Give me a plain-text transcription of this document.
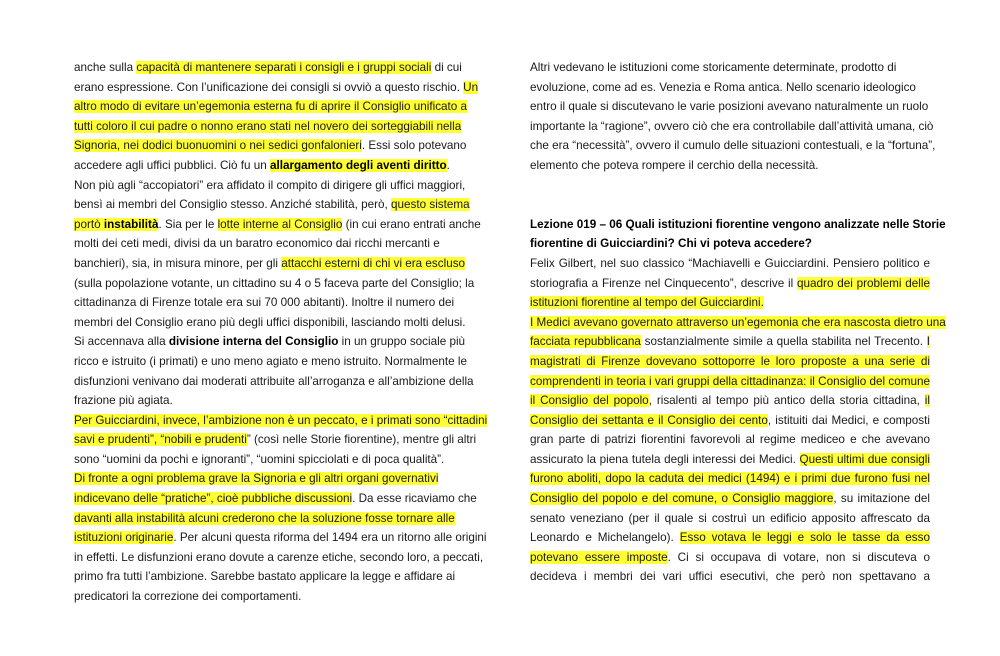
anche sulla capacità di mantenere separati i consigli e i gruppi sociali di cui
erano espressione. Con l’unificazione dei consigli si ovviò a questo rischio. Un
altro modo di evitare un’egemonia esterna fu di aprire il Consiglio unificato a
tutti coloro il cui padre o nonno erano stati nel novero dei sorteggiabili nella
Signoria, nei dodici buonuomini o nei sedici gonfalonieri. Essi solo potevano
accedere agli uffici pubblici. Ciò fu un allargamento degli aventi diritto.
Non più agli “accopiatori” era affidato il compito di dirigere gli uffici maggiori,
bensì ai membri del Consiglio stesso. Anziché stabilità, però, questo sistema
portò instabilità. Sia per le lotte interne al Consiglio (in cui erano entrati anche
molti dei ceti medi, divisi da un baratro economico dai ricchi mercanti e
banchieri), sia, in misura minore, per gli attacchi esterni di chi vi era escluso
(sulla popolazione votante, un cittadino su 4 o 5 faceva parte del Consiglio; la
cittadinanza di Firenze totale era sui 70 000 abitanti). Inoltre il numero dei
membri del Consiglio erano più degli uffici disponibili, lasciando molti delusi.
Si accennava alla divisione interna del Consiglio in un gruppo sociale più
ricco e istruito (i primati) e uno meno agiato e meno istruito. Normalmente le
disfunzioni venivano dai moderati attribuite all’arroganza e all’ambizione della
frazione più agiata.
Per Guicciardini, invece, l’ambizione non è un peccato, e i primati sono “cittadini
savi e prudenti”, “nobili e prudenti” (così nelle Storie fiorentine), mentre gli altri
sono “uomini da pochi e ignoranti”, “uomini spicciolati e di poca qualità”.
Di fronte a ogni problema grave la Signoria e gli altri organi governativi
indicevano delle “pratiche”, cioè pubbliche discussioni. Da esse ricaviamo che
davanti alla instabilità alcuni crederono che la soluzione fosse tornare alle
istituzioni originarie. Per alcuni questa riforma del 1494 era un ritorno alle origini
in effetti. Le disfunzioni erano dovute a carenze etiche, secondo loro, a peccati,
primo fra tutti l’ambizione. Sarebbe bastato applicare la legge e affidare ai
predicatori la correzione dei comportamenti.
Altri vedevano le istituzioni come storicamente determinate, prodotto di
evoluzione, come ad es. Venezia e Roma antica. Nello scenario ideologico
entro il quale si discutevano le varie posizioni avevano naturalmente un ruolo
importante la “ragione”, ovvero ciò che era controllabile dall’attività umana, ciò
che era “necessità”, ovvero il cumulo delle situazioni contestuali, e la “fortuna”,
elemento che poteva rompere il cerchio della necessità.
Lezione 019 – 06 Quali istituzioni fiorentine vengono analizzate nelle Storie
fiorentine di Guicciardini? Chi vi poteva accedere?
Felix Gilbert, nel suo classico “Machiavelli e Guicciardini. Pensiero politico e
storiografia a Firenze nel Cinquecento”, descrive il quadro dei problemi delle
istituzioni fiorentine al tempo del Guicciardini.
I Medici avevano governato attraverso un’egemonia che era nascosta dietro una
facciata repubblicana sostanzialmente simile a quella stabilita nel Trecento. I
magistrati di Firenze dovevano sottoporre le loro proposte a una serie di
comprendenti in teoria i vari gruppi della cittadinanza: il Consiglio del comune
il Consiglio del popolo, risalenti al tempo più antico della storia cittadina, il
Consiglio dei settanta e il Consiglio dei cento, istituiti dai Medici, e composti
gran parte di patrizi fiorentini favorevoli al regime mediceo e che avevano
assicurato la piena tutela degli interessi dei Medici. Questi ultimi due consigli
furono aboliti, dopo la caduta dei medici (1494) e i primi due furono fusi nel
Consiglio del popolo e del comune, o Consiglio maggiore, su imitazione del
senato veneziano (per il quale si costruì un edificio apposito affrescato da
Leonardo e Michelangelo). Esso votava le leggi e solo le tasse da esso
potevano essere imposte. Ci si occupava di votare, non si discuteva o
decideva i membri dei vari uffici esecutivi, che però non spettavano a
